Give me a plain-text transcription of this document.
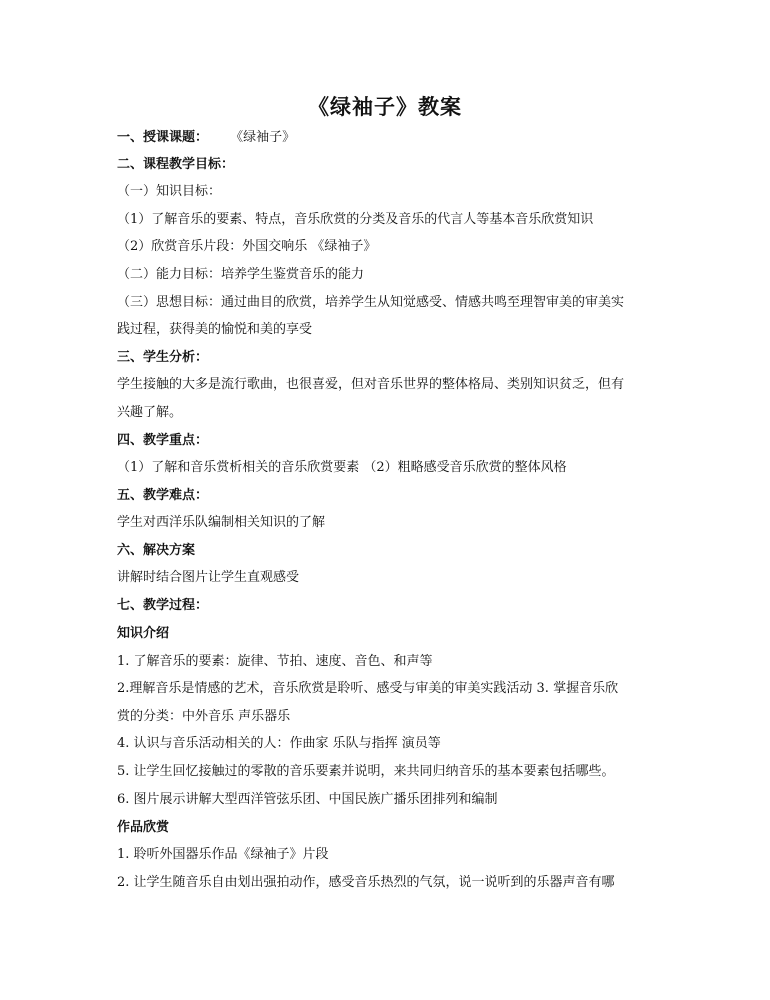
《绿袖子》教案
一、授课课题： 《绿袖子》
二、课程教学目标：
（一）知识目标：
（1）了解音乐的要素、特点，音乐欣赏的分类及音乐的代言人等基本音乐欣赏知识
（2）欣赏音乐片段：外国交响乐 《绿袖子》
（二）能力目标：培养学生鉴赏音乐的能力
（三）思想目标：通过曲目的欣赏，培养学生从知觉感受、情感共鸣至理智审美的审美实
践过程，获得美的愉悦和美的享受
三、学生分析：
学生接触的大多是流行歌曲，也很喜爱，但对音乐世界的整体格局、类别知识贫乏，但有
兴趣了解。
四、教学重点：
（1）了解和音乐赏析相关的音乐欣赏要素 （2）粗略感受音乐欣赏的整体风格
五、教学难点：
学生对西洋乐队编制相关知识的了解
六、解决方案
讲解时结合图片让学生直观感受
七、教学过程：
知识介绍
1. 了解音乐的要素：旋律、节拍、速度、音色、和声等
2.理解音乐是情感的艺术，音乐欣赏是聆听、感受与审美的审美实践活动 3. 掌握音乐欣
赏的分类：中外音乐 声乐器乐
4. 认识与音乐活动相关的人：作曲家 乐队与指挥 演员等
5. 让学生回忆接触过的零散的音乐要素并说明，来共同归纳音乐的基本要素包括哪些。
6. 图片展示讲解大型西洋管弦乐团、中国民族广播乐团排列和编制
作品欣赏
1. 聆听外国器乐作品《绿袖子》片段
2. 让学生随音乐自由划出强拍动作，感受音乐热烈的气氛，说一说听到的乐器声音有哪
